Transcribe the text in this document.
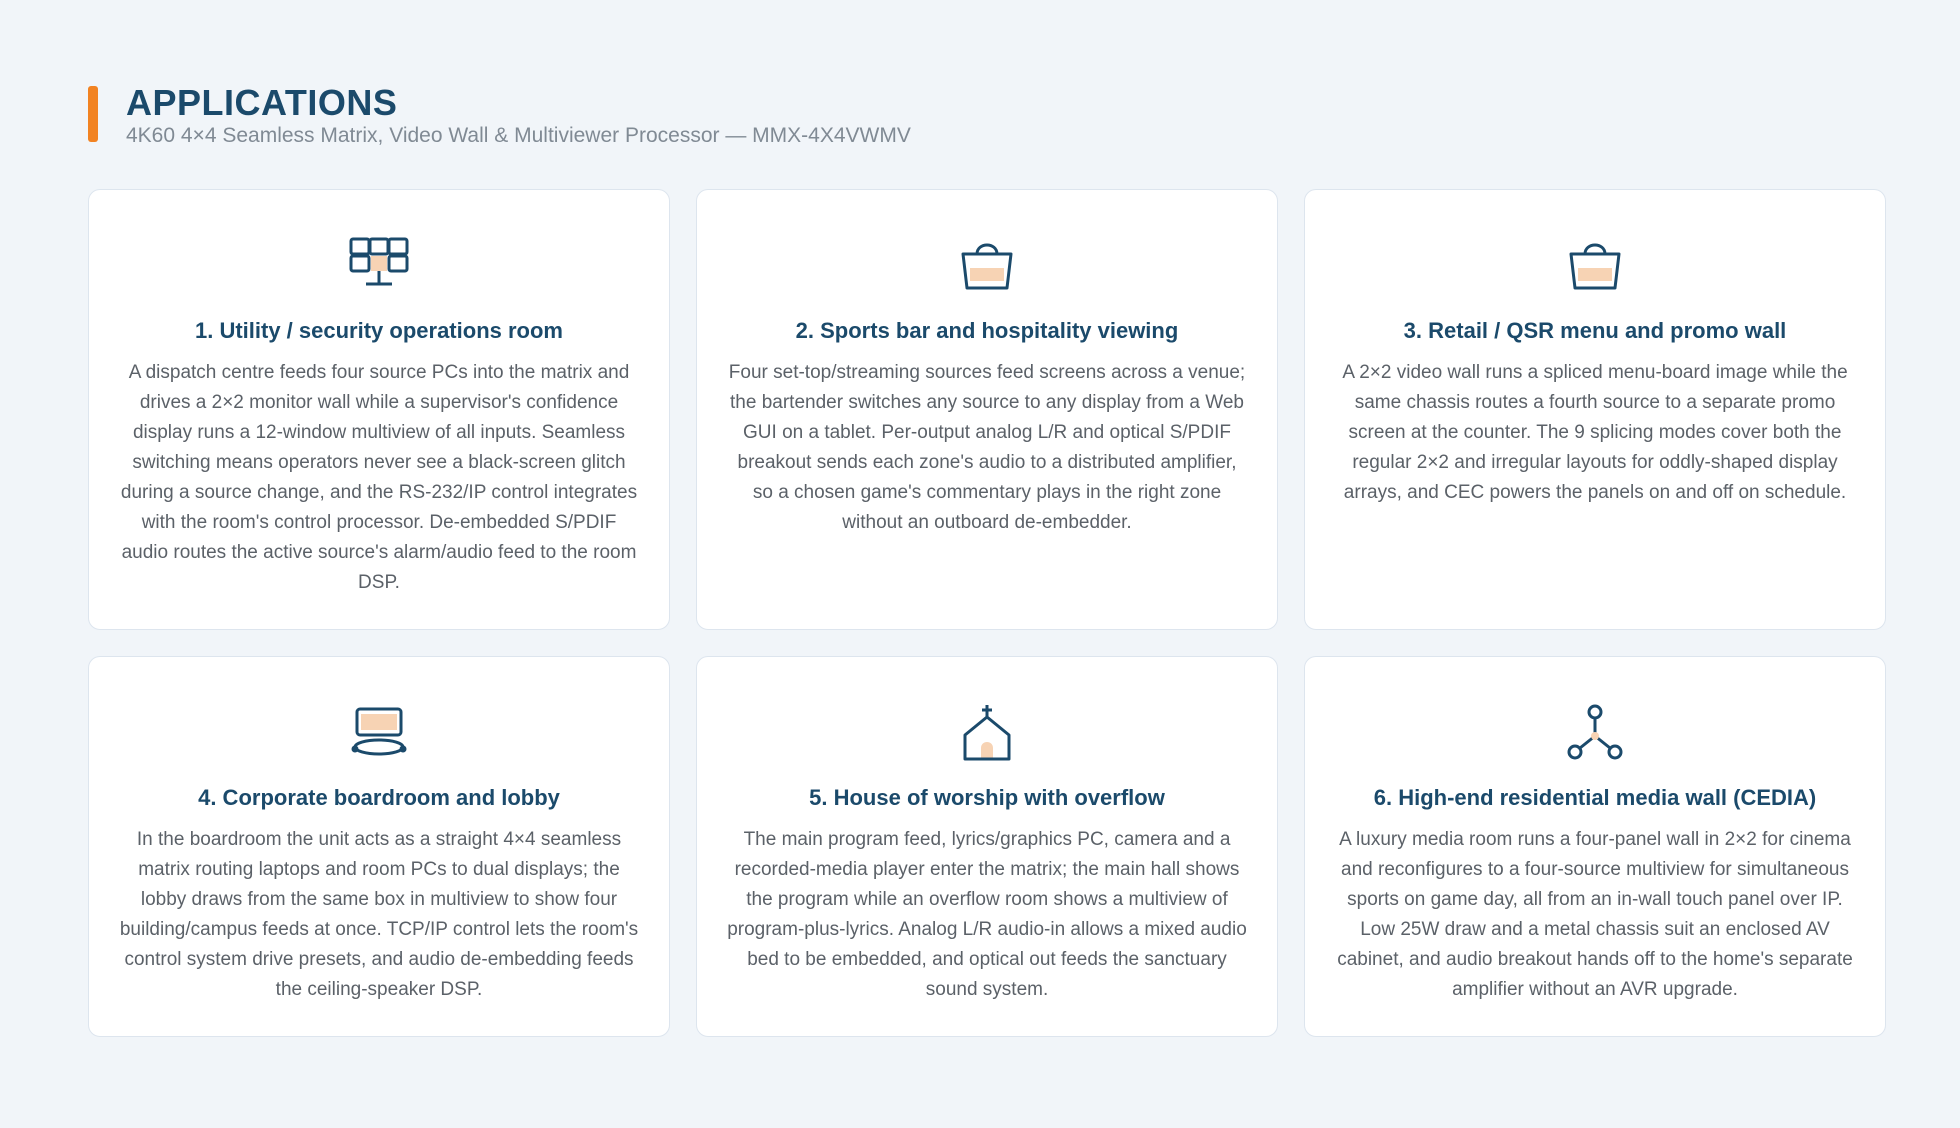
APPLICATIONS

4K60 4×4 Seamless Matrix, Video Wall & Multiviewer Processor — MMX-4X4VWMV

1. Utility / security operations room

A dispatch centre feeds four source PCs into the matrix and drives a 2×2 monitor wall while a supervisor's confidence display runs a 12-window multiview of all inputs. Seamless switching means operators never see a black-screen glitch during a source change, and the RS-232/IP control integrates with the room's control processor. De-embedded S/PDIF audio routes the active source's alarm/audio feed to the room DSP.

2. Sports bar and hospitality viewing

Four set-top/streaming sources feed screens across a venue; the bartender switches any source to any display from a Web GUI on a tablet. Per-output analog L/R and optical S/PDIF breakout sends each zone's audio to a distributed amplifier, so a chosen game's commentary plays in the right zone without an outboard de-embedder.

3. Retail / QSR menu and promo wall

A 2×2 video wall runs a spliced menu-board image while the same chassis routes a fourth source to a separate promo screen at the counter. The 9 splicing modes cover both the regular 2×2 and irregular layouts for oddly-shaped display arrays, and CEC powers the panels on and off on schedule.

4. Corporate boardroom and lobby

In the boardroom the unit acts as a straight 4×4 seamless matrix routing laptops and room PCs to dual displays; the lobby draws from the same box in multiview to show four building/campus feeds at once. TCP/IP control lets the room's control system drive presets, and audio de-embedding feeds the ceiling-speaker DSP.

5. House of worship with overflow

The main program feed, lyrics/graphics PC, camera and a recorded-media player enter the matrix; the main hall shows the program while an overflow room shows a multiview of program-plus-lyrics. Analog L/R audio-in allows a mixed audio bed to be embedded, and optical out feeds the sanctuary sound system.

6. High-end residential media wall (CEDIA)

A luxury media room runs a four-panel wall in 2×2 for cinema and reconfigures to a four-source multiview for simultaneous sports on game day, all from an in-wall touch panel over IP. Low 25W draw and a metal chassis suit an enclosed AV cabinet, and audio breakout hands off to the home's separate amplifier without an AVR upgrade.
